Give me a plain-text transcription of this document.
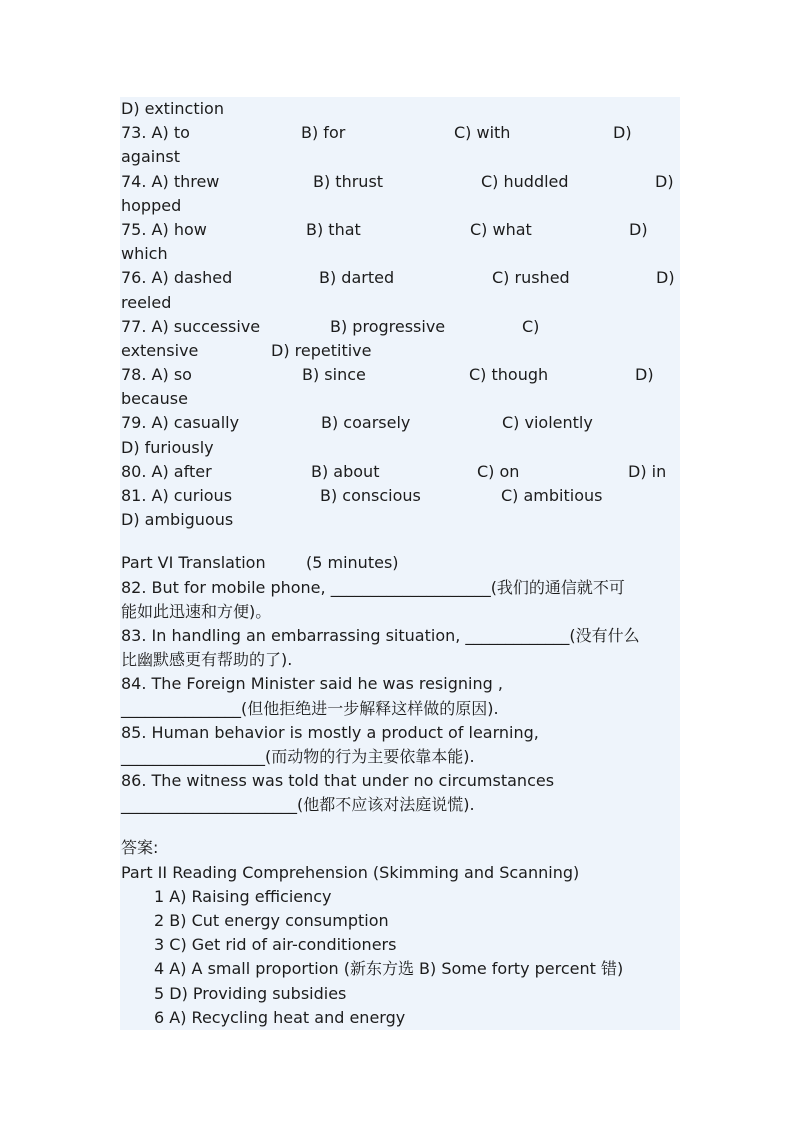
D) extinction
73. A) to	B) for	C) with	D)
against
74. A) threw	B) thrust	C) huddled	D)
hopped
75. A) how	B) that	C) what	D)
which
76. A) dashed	B) darted	C) rushed	D)
reeled
77. A) successive	B) progressive	C)
extensive	D) repetitive
78. A) so	B) since	C) though	D)
because
79. A) casually	B) coarsely	C) violently
D) furiously
80. A) after	B) about	C) on	D) in
81. A) curious	B) conscious	C) ambitious
D) ambiguous
Part VI Translation	(5 minutes)
82. But for mobile phone, ____________________(我们的通信就不可
能如此迅速和方便)。
83. In handling an embarrassing situation, _____________(没有什么
比幽默感更有帮助的了).
84. The Foreign Minister said he was resigning ,
_______________(但他拒绝进一步解释这样做的原因).
85. Human behavior is mostly a product of learning,
__________________(而动物的行为主要依靠本能).
86. The witness was told that under no circumstances
______________________(他都不应该对法庭说慌).
答案:
Part II Reading Comprehension (Skimming and Scanning)
1 A) Raising efficiency
2 B) Cut energy consumption
3 C) Get rid of air-conditioners
4 A) A small proportion (新东方选 B) Some forty percent 错)
5 D) Providing subsidies
6 A) Recycling heat and energy
